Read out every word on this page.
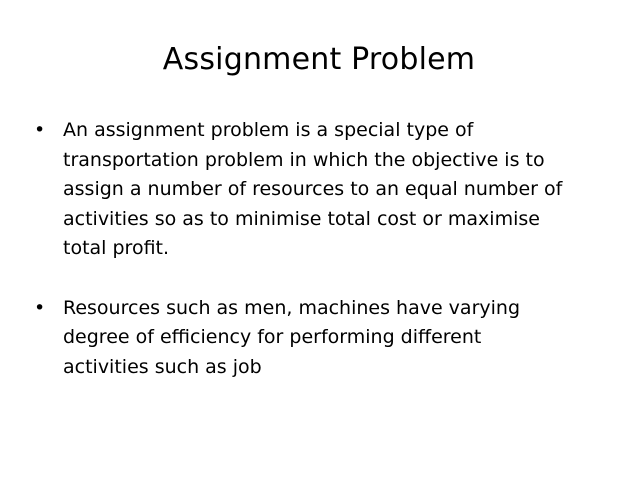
Assignment Problem
• An assignment problem is a special type of
transportation problem in which the objective is to
assign a number of resources to an equal number of
activities so as to minimise total cost or maximise
total profit.
• Resources such as men, machines have varying
degree of efficiency for performing different
activities such as job
